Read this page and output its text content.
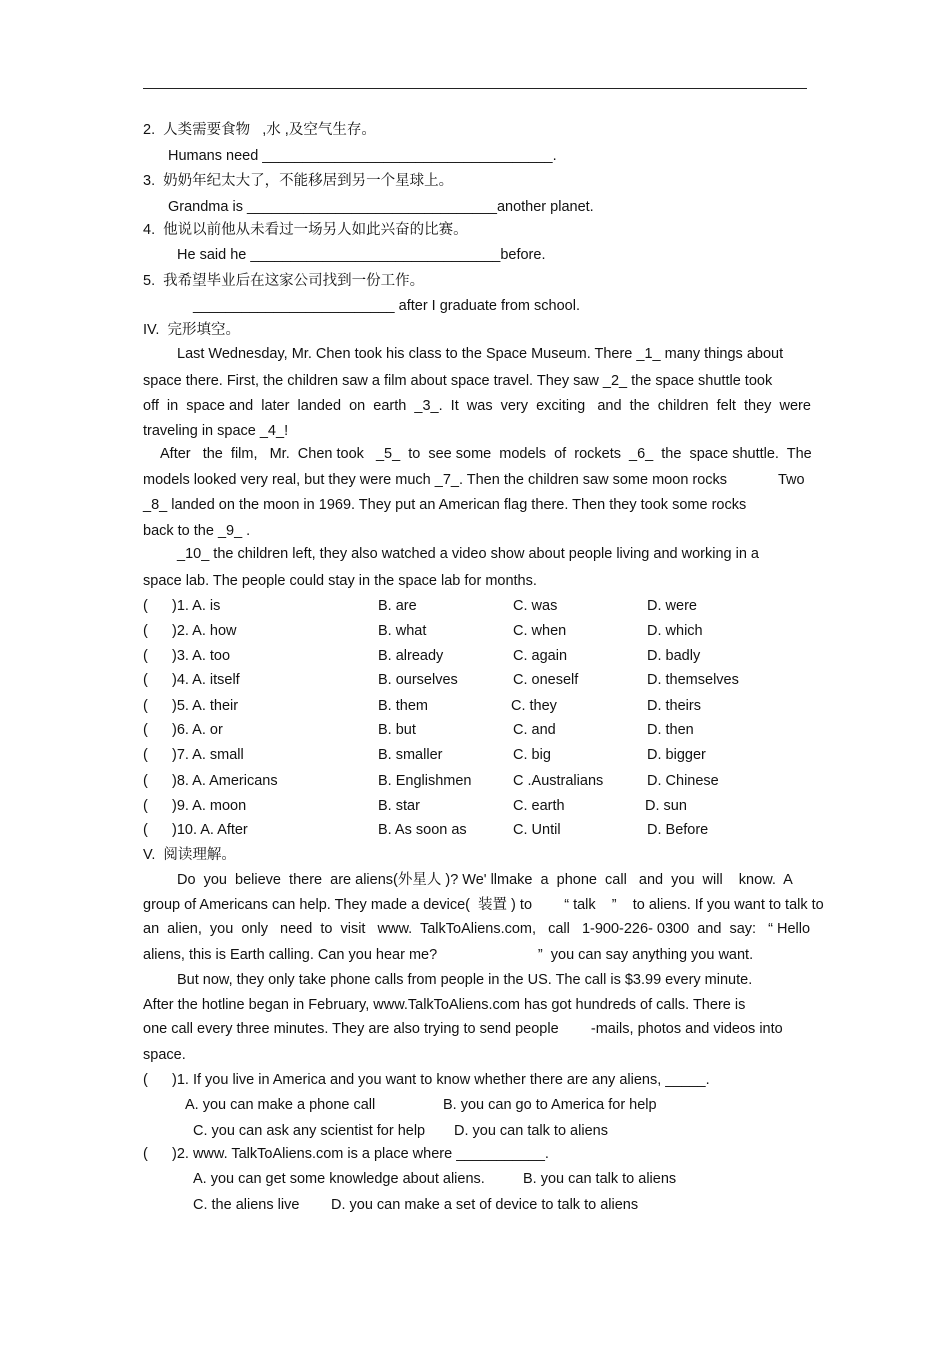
2.  人类需要食物   ,水 ,及空气生存。
Humans need ____________________________________.
3.  奶奶年纪太大了，不能移居到另一个星球上。
Grandma is _______________________________another planet.
4.  他说以前他从未看过一场另人如此兴奋的比赛。
He said he _______________________________before.
5.  我希望毕业后在这家公司找到一份工作。
_________________________ after I graduate from school.
IV.  完形填空。
Last Wednesday, Mr. Chen took his class to the Space Museum. There _1_ many things about
space there. First, the children saw a film about space travel. They saw _2_ the space shuttle took
off  in  space and  later  landed  on  earth  _3_.  It  was  very  exciting   and  the  children  felt  they  were
traveling in space _4_!
After   the  film,   Mr.  Chen took   _5_  to  see some  models  of  rockets  _6_  the  space shuttle.  The
models looked very real, but they were much _7_. Then the children saw some moon rocks	Two
_8_ landed on the moon in 1969. They put an American flag there. Then they took some rocks
back to the _9_ .
_10_ the children left, they also watched a video show about people living and working in a
space lab. The people could stay in the space lab for months.
(      )1. A. is	B. are	C. was	D. were
(      )2. A. how	B. what	C. when	D. which
(      )3. A. too	B. already	C. again	D. badly
(      )4. A. itself	B. ourselves	C. oneself	D. themselves
(      )5. A. their	B. them	C. they	D. theirs
(      )6. A. or	B. but	C. and	D. then
(      )7. A. small	B. smaller	C. big	D. bigger
(      )8. A. Americans	B. Englishmen	C .Australians	D. Chinese
(      )9. A. moon	B. star	C. earth	D. sun
(      )10. A. After	B. As soon as	C. Until	D. Before
V.  阅读理解。
Do  you  believe  there  are aliens(外星人 )? We' llmake  a  phone  call   and  you  will    know.  A
group of Americans can help. They made a device(  装置 ) to        “ talk    ”    to aliens. If you want to talk to
an  alien,  you  only   need  to  visit   www.  TalkToAliens.com,   call   1-900-226- 0300  and  say:   “ Hello
aliens, this is Earth calling. Can you hear me?                         ”  you can say anything you want.
But now, they only take phone calls from people in the US. The call is $3.99 every minute.
After the hotline began in February, www.TalkToAliens.com has got hundreds of calls. There is
one call every three minutes. They are also trying to send people        -mails, photos and videos into
space.
(      )1. If you live in America and you want to know whether there are any aliens, _____.
A. you can make a phone call	B. you can go to America for help
C. you can ask any scientist for help D. you can talk to aliens
(      )2. www. TalkToAliens.com is a place where ___________.
A. you can get some knowledge about aliens.	B. you can talk to aliens
C. the aliens live D. you can make a set of device to talk to aliens
